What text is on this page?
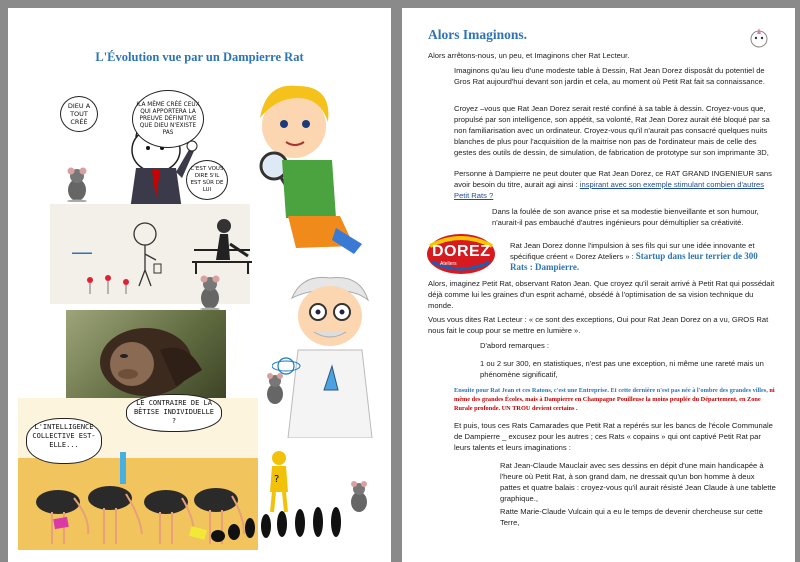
L'Évolution vue par un Dampierre Rat
DIEU A TOUT CRÉÉ
ILA MÊME CRÉÉ CEUX QUI APPORTERA LA PREUVE DÉFINITIVE QUE DIEU N'EXISTE PAS
C'EST VOUS DIRE S'IL EST SÛR DE LUI
▬▬▬▬
L'INTELLIGENCE COLLECTIVE EST-ELLE...
LE CONTRAIRE DE LA BÊTISE INDIVIDUELLE ?
?
Alors Imaginons.

Alors arrêtons-nous, un peu, et Imaginons cher Rat Lecteur.

Imaginons qu'au lieu d'une modeste table à Dessin, Rat Jean Dorez disposât du potentiel de Gros Rat aujourd'hui devant son jardin et cela, au moment où Petit Rat fait sa connaissance.

Croyez –vous que Rat Jean Dorez serait resté confiné à sa table à dessin. Croyez-vous que, propulsé par son intelligence, son appétit, sa volonté, Rat Jean Dorez aurait été bloqué par sa non familiarisation avec un ordinateur. Croyez-vous qu'il n'aurait pas consacré quelques nuits blanches de plus pour l'acquisition de la maitrise non pas de l'ordinateur mais de celle des gestes des outils de dessin, de simulation, de fabrication de prototype sur son imprimante 3D,

Personne à Dampierre ne peut douter que Rat Jean Dorez, ce RAT GRAND INGENIEUR sans avoir besoin du titre, aurait agi ainsi : inspirant avec son exemple stimulant combien d'autres Petit Rats ?

Dans la foulée de son avance prise et sa modestie bienveillante et son humour, n'aurait-il pas embauché d'autres ingénieurs pour démultiplier sa créativité.

DOREZ
Ateliers

Rat Jean Dorez donne l'impulsion à ses fils qui sur une idée innovante et spécifique créent « Dorez Ateliers » : Startup dans leur terrier de 300 Rats : Dampierre.

Alors, imaginez Petit Rat, observant Raton Jean. Que croyez qu'il serait arrivé à Petit Rat qui possédait déjà comme lui les graines d'un esprit acharné, obsédé à l'optimisation de sa vision technique du monde.

Vous vous dites Rat Lecteur : « ce sont des exceptions, Oui pour Rat Jean Dorez on a vu, GROS Rat nous fait le coup pour se mettre en lumière ».

D'abord remarques :

1 ou 2 sur 300, en statistiques, n'est pas une exception, ni même une rareté mais un phénomène significatif,

Ensuite pour Rat Jean et ces Ratons, c'est une Entreprise. Et cette dernière n'est pas née à l'ombre des grandes villes, ni même des grandes Écoles, mais à Dampierre en Champagne Pouilleuse la moins peuplée du Département, en Zone Rurale profonde. UN TROU devient certains .

Et puis, tous ces Rats Camarades que Petit Rat a repérés sur les bancs de l'école Communale de Dampierre _ excusez pour les autres ; ces Rats « copains » qui ont captivé Petit Rat par leurs talents et leurs imaginations :

Rat Jean-Claude Mauclair avec ses dessins en dépit d'une main handicapée à l'heure où Petit Rat, à son grand dam, ne dressait qu'un bon homme à deux pattes et quatre balais : croyez-vous qu'il aurait résisté Jean Claude à une tablette graphique.,

Ratte Marie-Claude Vulcain qui a eu le temps de devenir chercheuse sur cette Terre,
